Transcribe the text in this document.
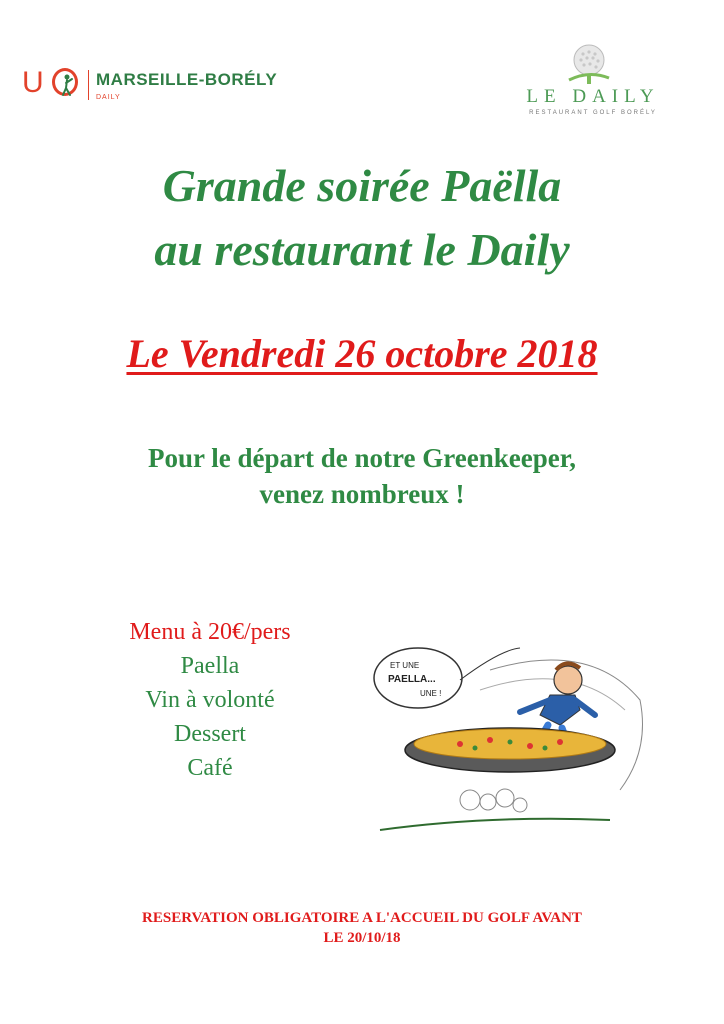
U	MARSEILLE-BORÉLY
DAILY	LE DAILY
RESTAURANT GOLF BORÉLY
Grande soirée Paëlla
au restaurant le Daily
Le Vendredi 26 octobre 2018
Pour le départ de notre Greenkeeper,
venez nombreux !
Menu à 20€/pers
Paella
Vin à volonté
Dessert
Café
ET UNE
PAELLA...
UNE !
RESERVATION OBLIGATOIRE A L'ACCUEIL DU GOLF AVANT
LE 20/10/18
